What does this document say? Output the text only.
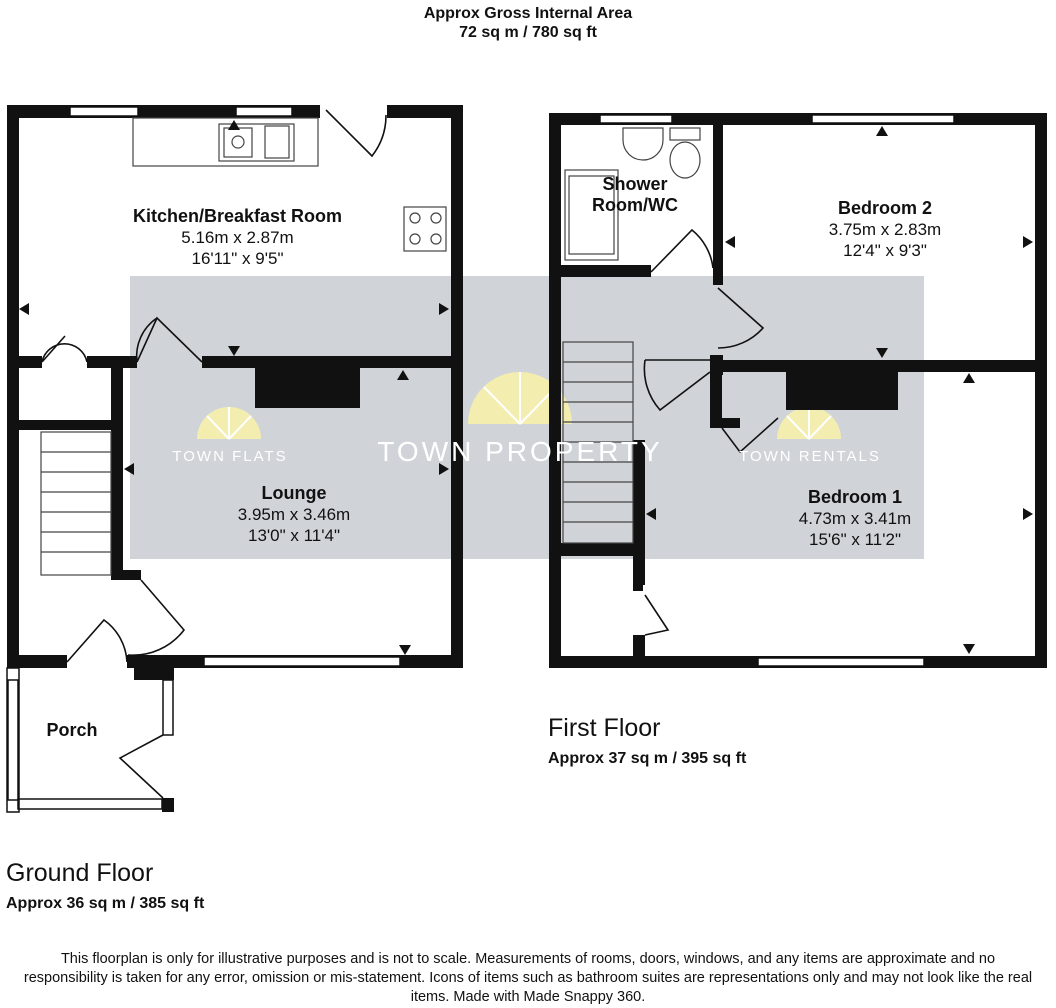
Approx Gross Internal Area
72 sq m / 780 sq ft
TOWN FLATS	TOWN PROPERTY	TOWN RENTALS
Kitchen/Breakfast Room
5.16m x 2.87m
16'11" x 9'5"
Lounge
3.95m x 3.46m
13'0" x 11'4"
Porch
Shower
Room/WC	Bedroom 2
3.75m x 2.83m
12'4" x 9'3"
Bedroom 1
4.73m x 3.41m
15'6" x 11'2"
First Floor
Approx 37 sq m / 395 sq ft
Ground Floor
Approx 36 sq m / 385 sq ft
This floorplan is only for illustrative purposes and is not to scale. Measurements of rooms, doors, windows, and any items are approximate and no responsibility is taken for any error, omission or mis-statement. Icons of items such as bathroom suites are representations only and may not look like the real items. Made with Made Snappy 360.
